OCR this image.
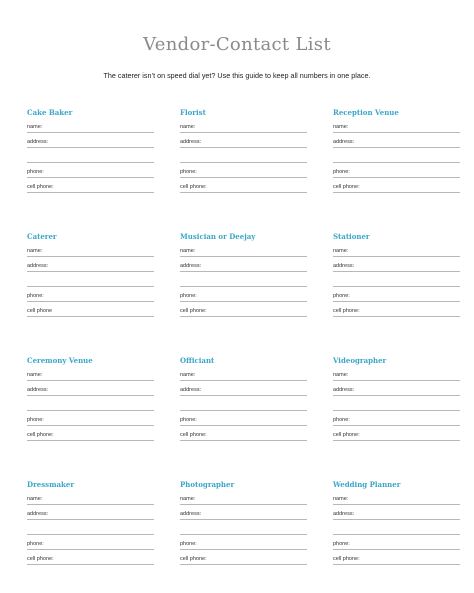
Vendor-Contact List
The caterer isn’t on speed dial yet? Use this guide to keep all numbers in one place.
Cake Baker
name:
address:
phone:
cell phone:
Florist
name:
address:
phone:
cell phone:
Reception Venue
name:
address:
phone:
cell phone:
Caterer
name:
address:
phone:
cell phone
Musician or Deejay
name:
address:
phone:
cell phone:
Stationer
name:
address:
phone:
cell phone:
Ceremony Venue
name:
address:
phone:
cell phone:
Officiant
name:
address:
phone:
cell phone:
Videographer
name:
address:
phone:
cell phone:
Dressmaker
name:
address:
phone:
cell phone:
Photographer
name:
address:
phone:
cell phone:
Wedding Planner
name:
address:
phone:
cell phone:
